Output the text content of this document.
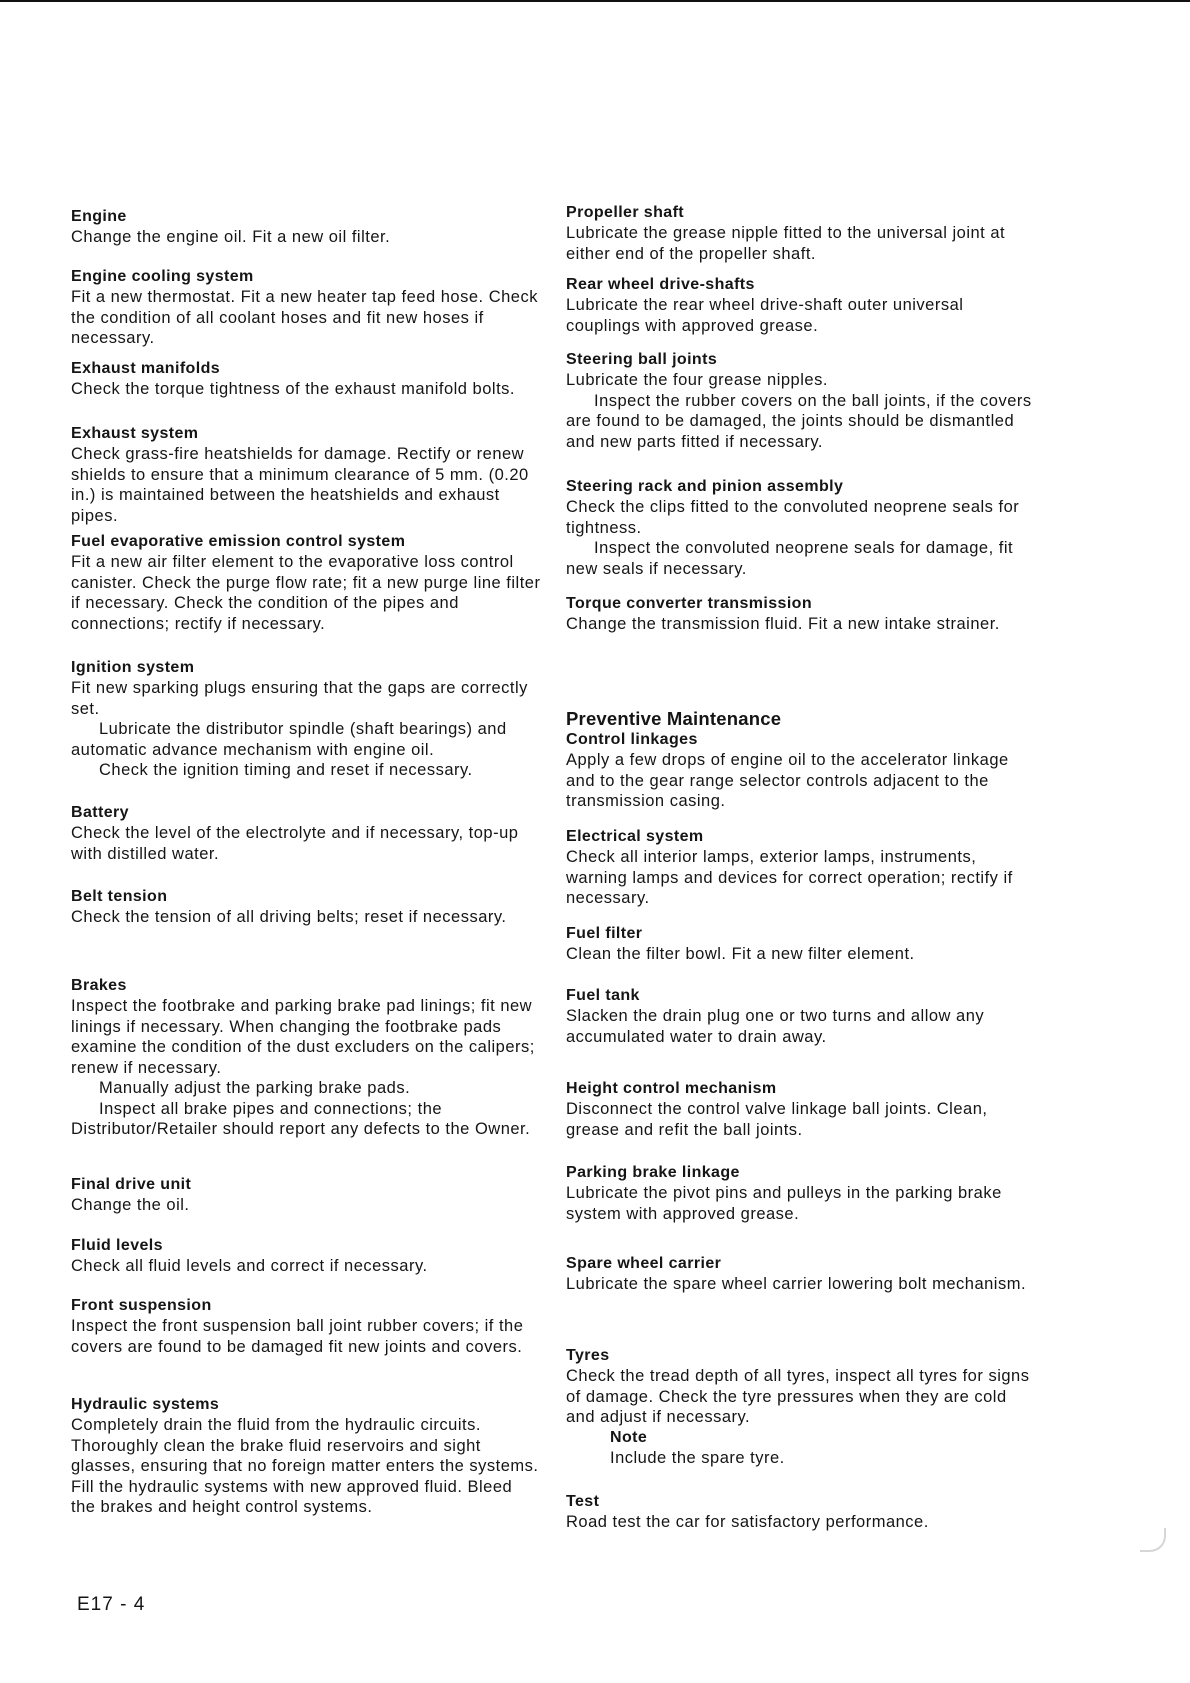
Engine

Change the engine oil. Fit a new oil filter.

Engine cooling system

Fit a new thermostat. Fit a new heater tap feed hose. Check the condition of all coolant hoses and fit new hoses if necessary.

Exhaust manifolds

Check the torque tightness of the exhaust manifold bolts.

Exhaust system

Check grass-fire heatshields for damage. Rectify or renew shields to ensure that a minimum clearance of 5 mm. (0.20 in.) is maintained between the heatshields and exhaust pipes.

Fuel evaporative emission control system

Fit a new air filter element to the evaporative loss control canister. Check the purge flow rate; fit a new purge line filter if necessary. Check the condition of the pipes and connections; rectify if necessary.

Ignition system

Fit new sparking plugs ensuring that the gaps are correctly set.

Lubricate the distributor spindle (shaft bearings) and automatic advance mechanism with engine oil.

Check the ignition timing and reset if necessary.

Battery

Check the level of the electrolyte and if necessary, top-up with distilled water.

Belt tension

Check the tension of all driving belts; reset if necessary.

Brakes

Inspect the footbrake and parking brake pad linings; fit new linings if necessary. When changing the footbrake pads examine the condition of the dust excluders on the calipers; renew if necessary.

Manually adjust the parking brake pads.

Inspect all brake pipes and connections; the Distributor/Retailer should report any defects to the Owner.

Final drive unit

Change the oil.

Fluid levels

Check all fluid levels and correct if necessary.

Front suspension

Inspect the front suspension ball joint rubber covers; if the covers are found to be damaged fit new joints and covers.

Hydraulic systems

Completely drain the fluid from the hydraulic circuits. Thoroughly clean the brake fluid reservoirs and sight glasses, ensuring that no foreign matter enters the systems. Fill the hydraulic systems with new approved fluid. Bleed the brakes and height control systems.

Propeller shaft

Lubricate the grease nipple fitted to the universal joint at either end of the propeller shaft.

Rear wheel drive-shafts

Lubricate the rear wheel drive-shaft outer universal couplings with approved grease.

Steering ball joints

Lubricate the four grease nipples.

Inspect the rubber covers on the ball joints, if the covers are found to be damaged, the joints should be dismantled and new parts fitted if necessary.

Steering rack and pinion assembly

Check the clips fitted to the convoluted neoprene seals for tightness.

Inspect the convoluted neoprene seals for damage, fit new seals if necessary.

Torque converter transmission

Change the transmission fluid. Fit a new intake strainer.

Preventive Maintenance
Control linkages

Apply a few drops of engine oil to the accelerator linkage and to the gear range selector controls adjacent to the transmission casing.

Electrical system

Check all interior lamps, exterior lamps, instruments, warning lamps and devices for correct operation; rectify if necessary.

Fuel filter

Clean the filter bowl. Fit a new filter element.

Fuel tank

Slacken the drain plug one or two turns and allow any accumulated water to drain away.

Height control mechanism

Disconnect the control valve linkage ball joints. Clean, grease and refit the ball joints.

Parking brake linkage

Lubricate the pivot pins and pulleys in the parking brake system with approved grease.

Spare wheel carrier

Lubricate the spare wheel carrier lowering bolt mechanism.

Tyres

Check the tread depth of all tyres, inspect all tyres for signs of damage. Check the tyre pressures when they are cold and adjust if necessary.

Note

Include the spare tyre.

Test

Road test the car for satisfactory performance.

E17 - 4
